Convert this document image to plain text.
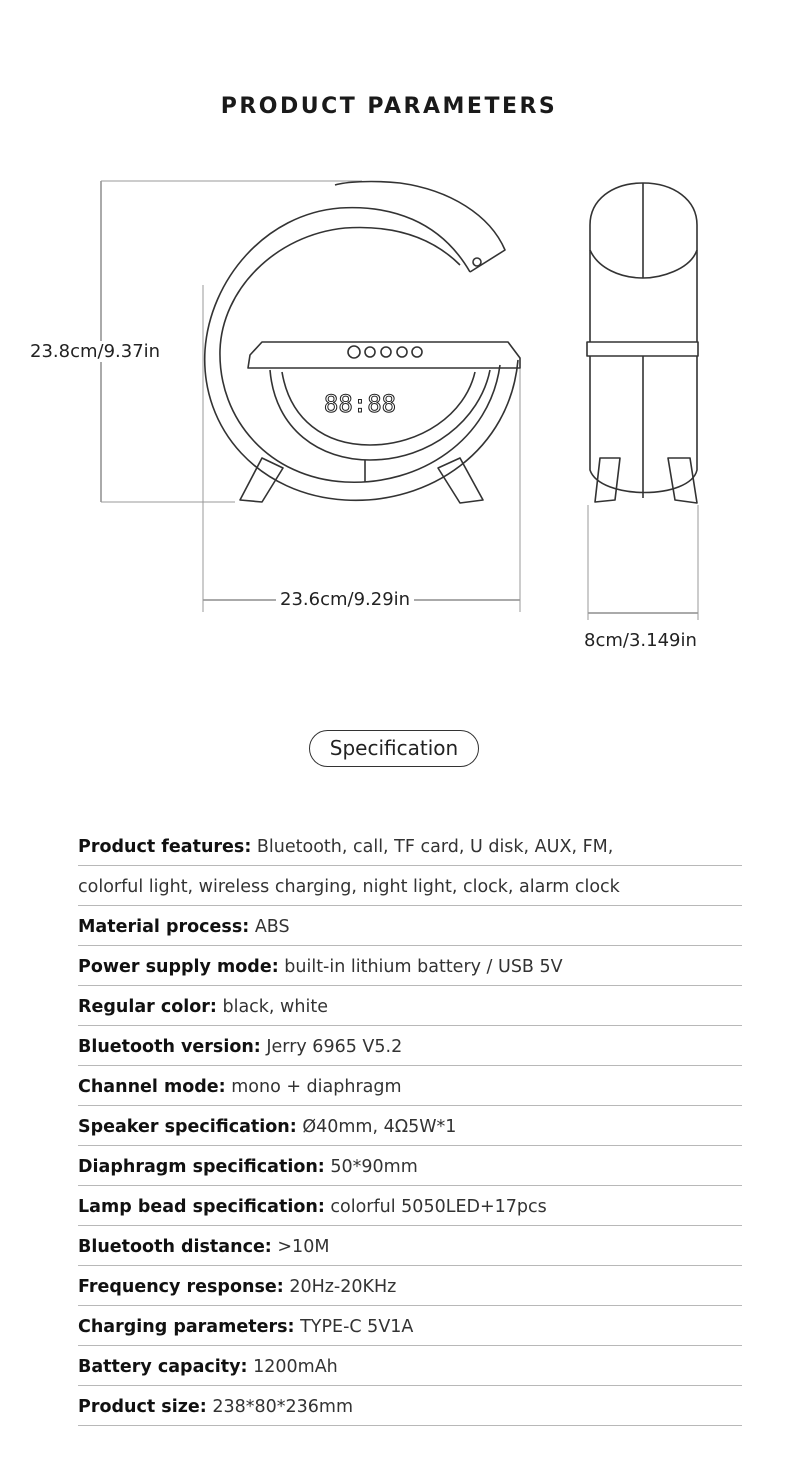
PRODUCT PARAMETERS
88:88
23.8cm/9.37in
23.6cm/9.29in
8cm/3.149in
Specification
Product features: Bluetooth, call, TF card, U disk, AUX, FM,
colorful light, wireless charging, night light, clock, alarm clock
Material process: ABS
Power supply mode: built-in lithium battery / USB 5V
Regular color: black, white
Bluetooth version: Jerry 6965 V5.2
Channel mode: mono + diaphragm
Speaker specification: Ø40mm, 4Ω5W*1
Diaphragm specification: 50*90mm
Lamp bead specification: colorful 5050LED+17pcs
Bluetooth distance: >10M
Frequency response: 20Hz-20KHz
Charging parameters: TYPE-C 5V1A
Battery capacity: 1200mAh
Product size: 238*80*236mm
